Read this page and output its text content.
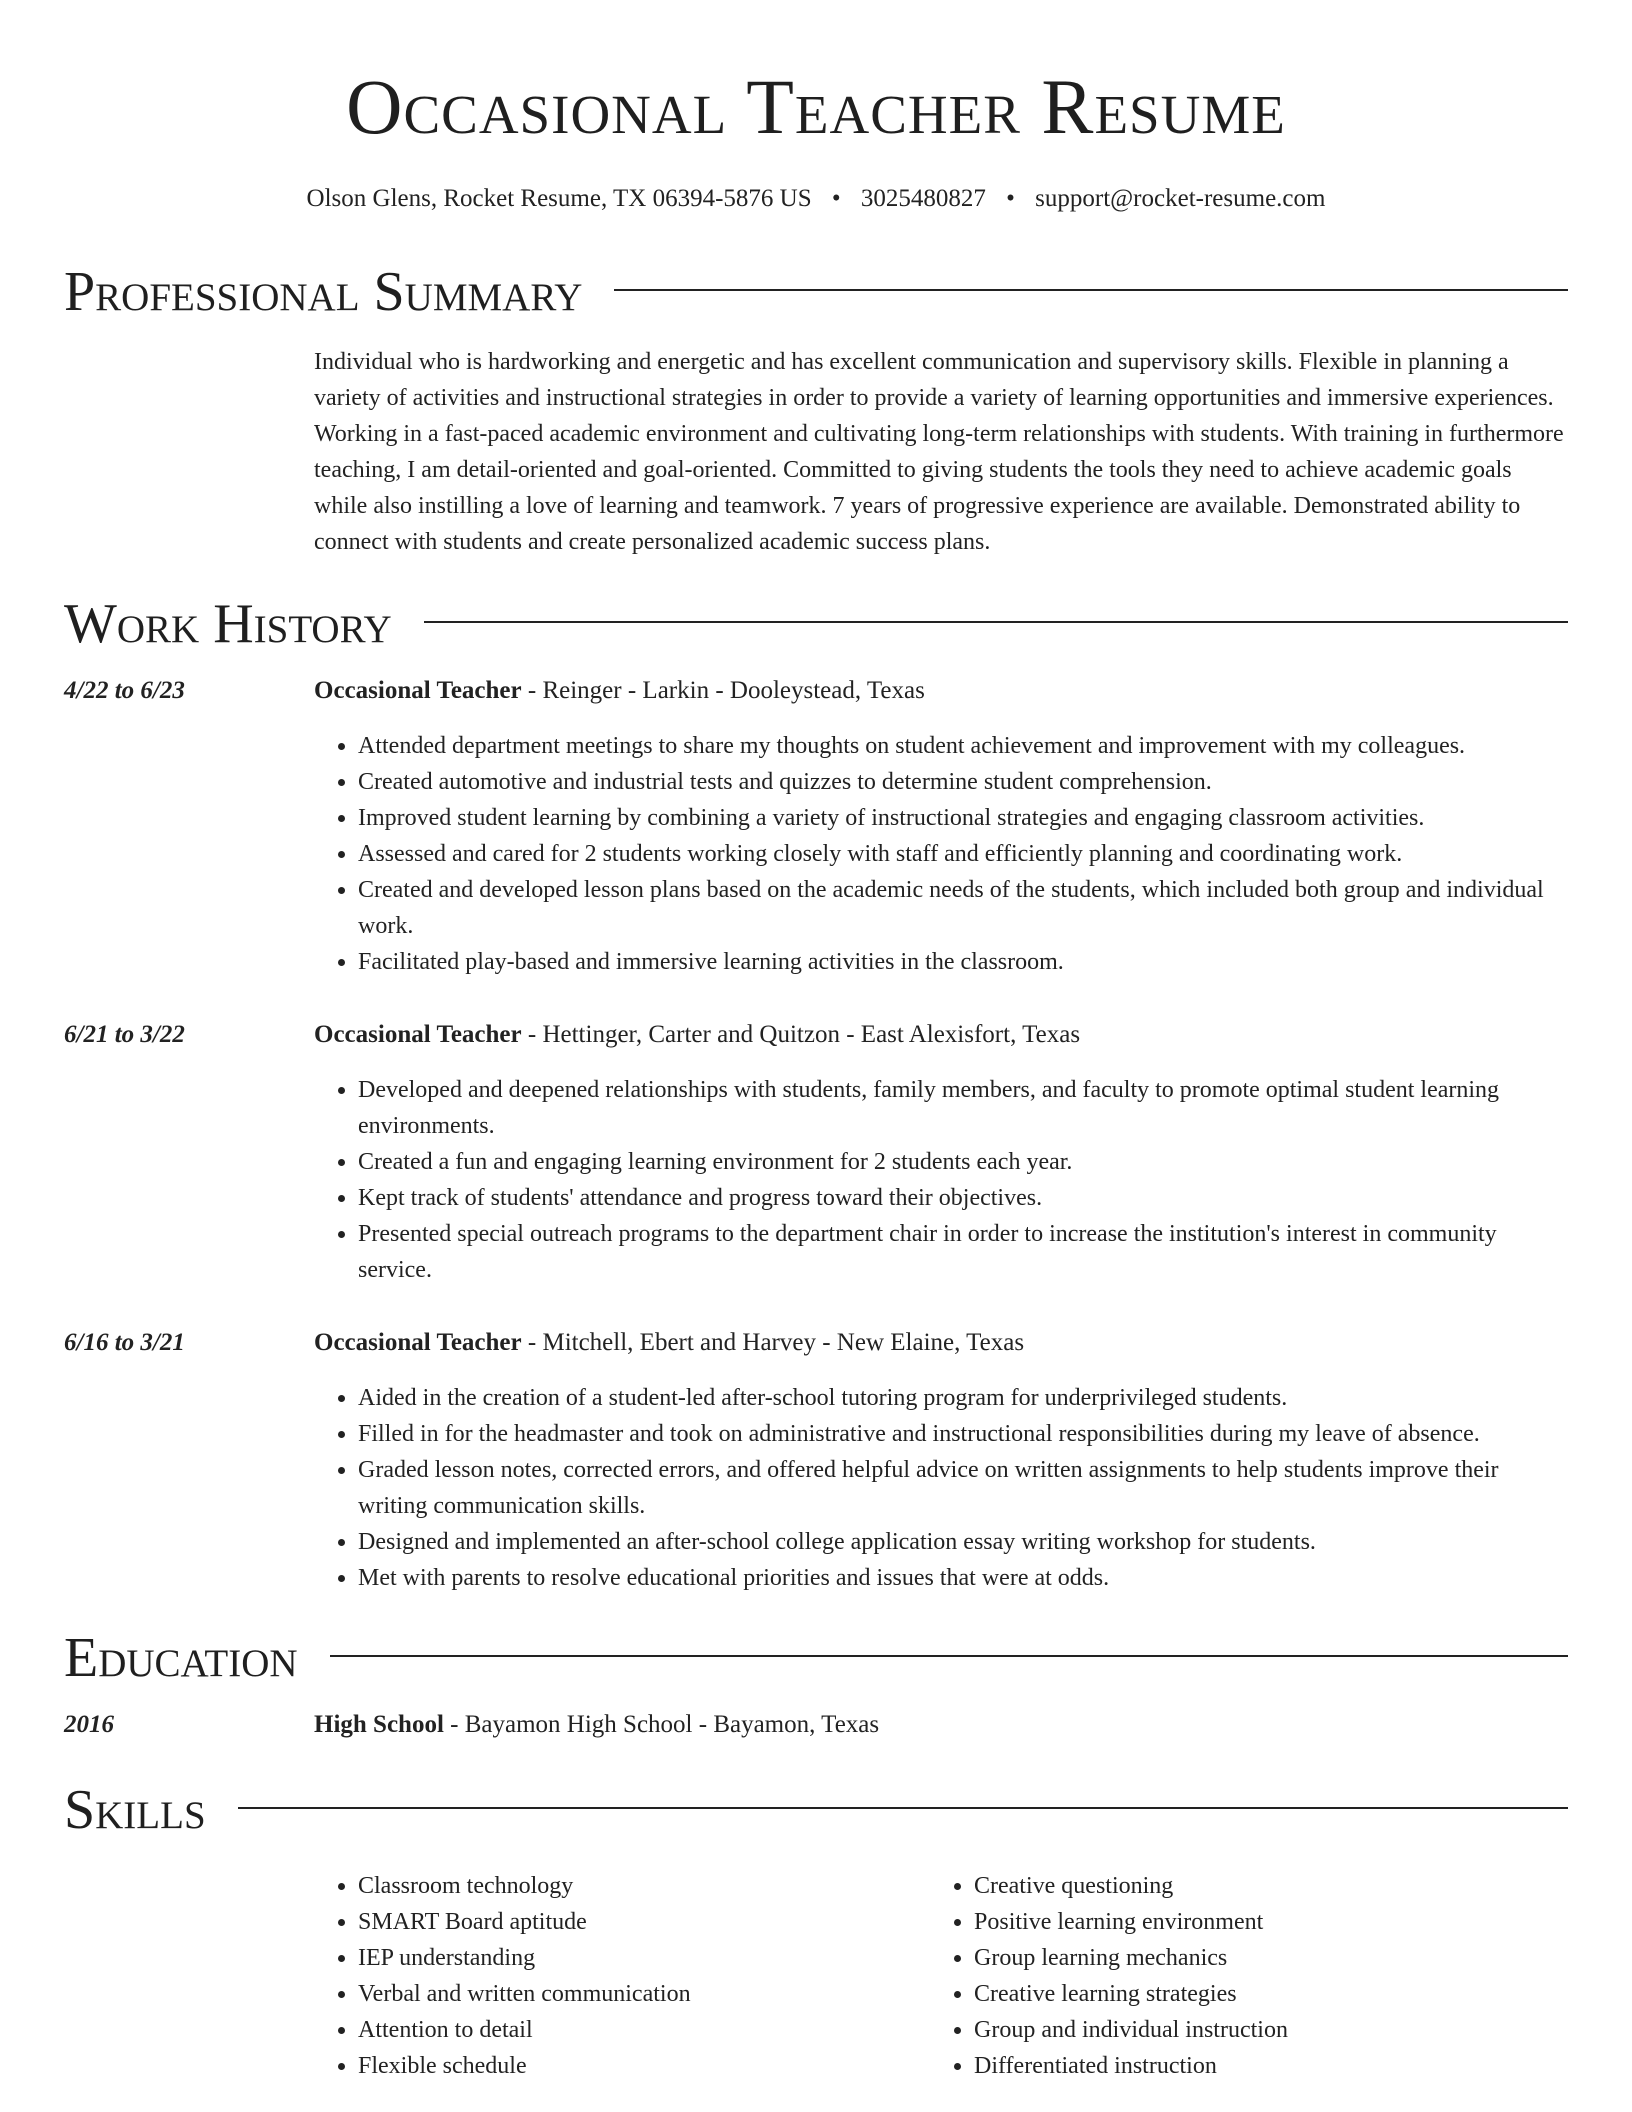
Occasional Teacher Resume
Olson Glens, Rocket Resume, TX 06394-5876 US • 3025480827 • support@rocket-resume.com
Professional Summary
Individual who is hardworking and energetic and has excellent communication and supervisory skills. Flexible in planning a variety of activities and instructional strategies in order to provide a variety of learning opportunities and immersive experiences. Working in a fast-paced academic environment and cultivating long-term relationships with students. With training in furthermore teaching, I am detail-oriented and goal-oriented. Committed to giving students the tools they need to achieve academic goals while also instilling a love of learning and teamwork. 7 years of progressive experience are available. Demonstrated ability to connect with students and create personalized academic success plans.
Work History
4/22 to 6/23	Occasional Teacher - Reinger - Larkin - Dooleystead, Texas
• Attended department meetings to share my thoughts on student achievement and improvement with my colleagues.
• Created automotive and industrial tests and quizzes to determine student comprehension.
• Improved student learning by combining a variety of instructional strategies and engaging classroom activities.
• Assessed and cared for 2 students working closely with staff and efficiently planning and coordinating work.
• Created and developed lesson plans based on the academic needs of the students, which included both group and individual work.
• Facilitated play-based and immersive learning activities in the classroom.
6/21 to 3/22	Occasional Teacher - Hettinger, Carter and Quitzon - East Alexisfort, Texas
• Developed and deepened relationships with students, family members, and faculty to promote optimal student learning environments.
• Created a fun and engaging learning environment for 2 students each year.
• Kept track of students' attendance and progress toward their objectives.
• Presented special outreach programs to the department chair in order to increase the institution's interest in community service.
6/16 to 3/21	Occasional Teacher - Mitchell, Ebert and Harvey - New Elaine, Texas
• Aided in the creation of a student-led after-school tutoring program for underprivileged students.
• Filled in for the headmaster and took on administrative and instructional responsibilities during my leave of absence.
• Graded lesson notes, corrected errors, and offered helpful advice on written assignments to help students improve their writing communication skills.
• Designed and implemented an after-school college application essay writing workshop for students.
• Met with parents to resolve educational priorities and issues that were at odds.
Education
2016	High School - Bayamon High School - Bayamon, Texas
Skills
• Classroom technology
• SMART Board aptitude
• IEP understanding
• Verbal and written communication
• Attention to detail
• Flexible schedule
• Creative questioning
• Positive learning environment
• Group learning mechanics
• Creative learning strategies
• Group and individual instruction
• Differentiated instruction
